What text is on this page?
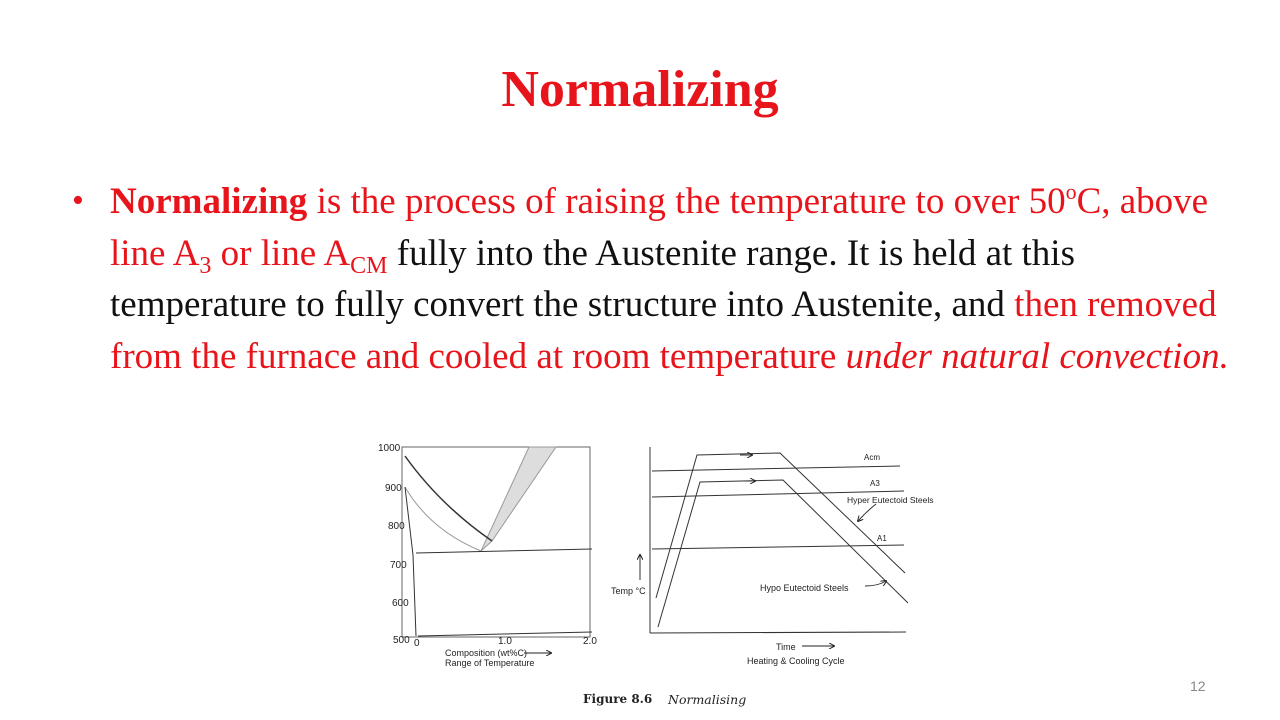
Normalizing
• Normalizing is the process of raising the temperature to over 50$^o$C, above line $A_3$ or line $A_{CM}$ fully into the Austenite range. It is held at this temperature to fully convert the structure into Austenite, and then removed from the furnace and cooled at room temperature under natural convection.
1000
900
800
700
600
500 0	1.0	2.0
Composition (wt%C)
Range of Temperature
Acm
A3
A1
Hyper Eutectoid Steels
Hypo Eutectoid Steels
Temp °C
Time
Heating & Cooling Cycle
Figure 8.6 Normalising
12
